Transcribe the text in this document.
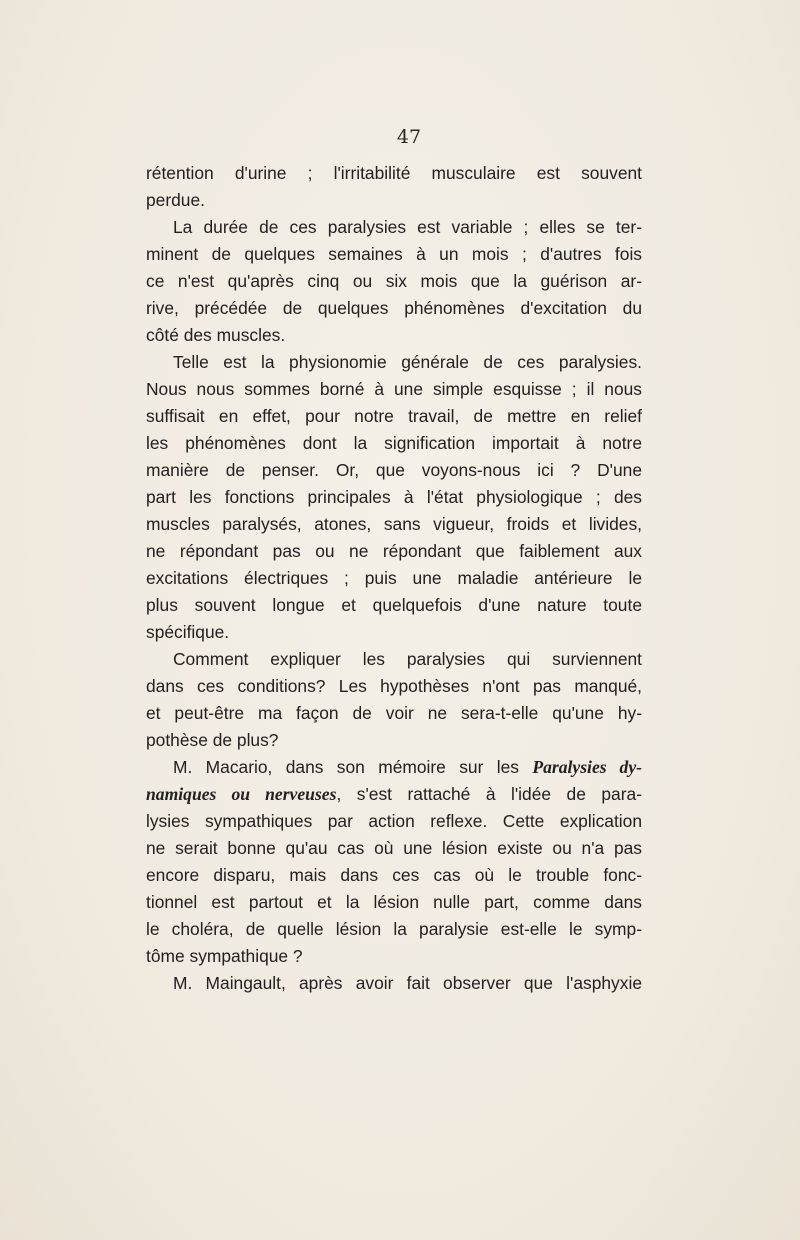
47
rétention d'urine ; l'irritabilité musculaire est souvent
perdue.
La durée de ces paralysies est variable ; elles se ter-
minent de quelques semaines à un mois ; d'autres fois
ce n'est qu'après cinq ou six mois que la guérison ar-
rive, précédée de quelques phénomènes d'excitation du
côté des muscles.
Telle est la physionomie générale de ces paralysies.
Nous nous sommes borné à une simple esquisse ; il nous
suffisait en effet, pour notre travail, de mettre en relief
les phénomènes dont la signification importait à notre
manière de penser. Or, que voyons-nous ici ? D'une
part les fonctions principales à l'état physiologique ; des
muscles paralysés, atones, sans vigueur, froids et livides,
ne répondant pas ou ne répondant que faiblement aux
excitations électriques ; puis une maladie antérieure le
plus souvent longue et quelquefois d'une nature toute
spécifique.
Comment expliquer les paralysies qui surviennent
dans ces conditions? Les hypothèses n'ont pas manqué,
et peut-être ma façon de voir ne sera-t-elle qu'une hy-
pothèse de plus?
M. Macario, dans son mémoire sur les Paralysies dy-
namiques ou nerveuses, s'est rattaché à l'idée de para-
lysies sympathiques par action reflexe. Cette explication
ne serait bonne qu'au cas où une lésion existe ou n'a pas
encore disparu, mais dans ces cas où le trouble fonc-
tionnel est partout et la lésion nulle part, comme dans
le choléra, de quelle lésion la paralysie est-elle le symp-
tôme sympathique ?
M. Maingault, après avoir fait observer que l'asphyxie
